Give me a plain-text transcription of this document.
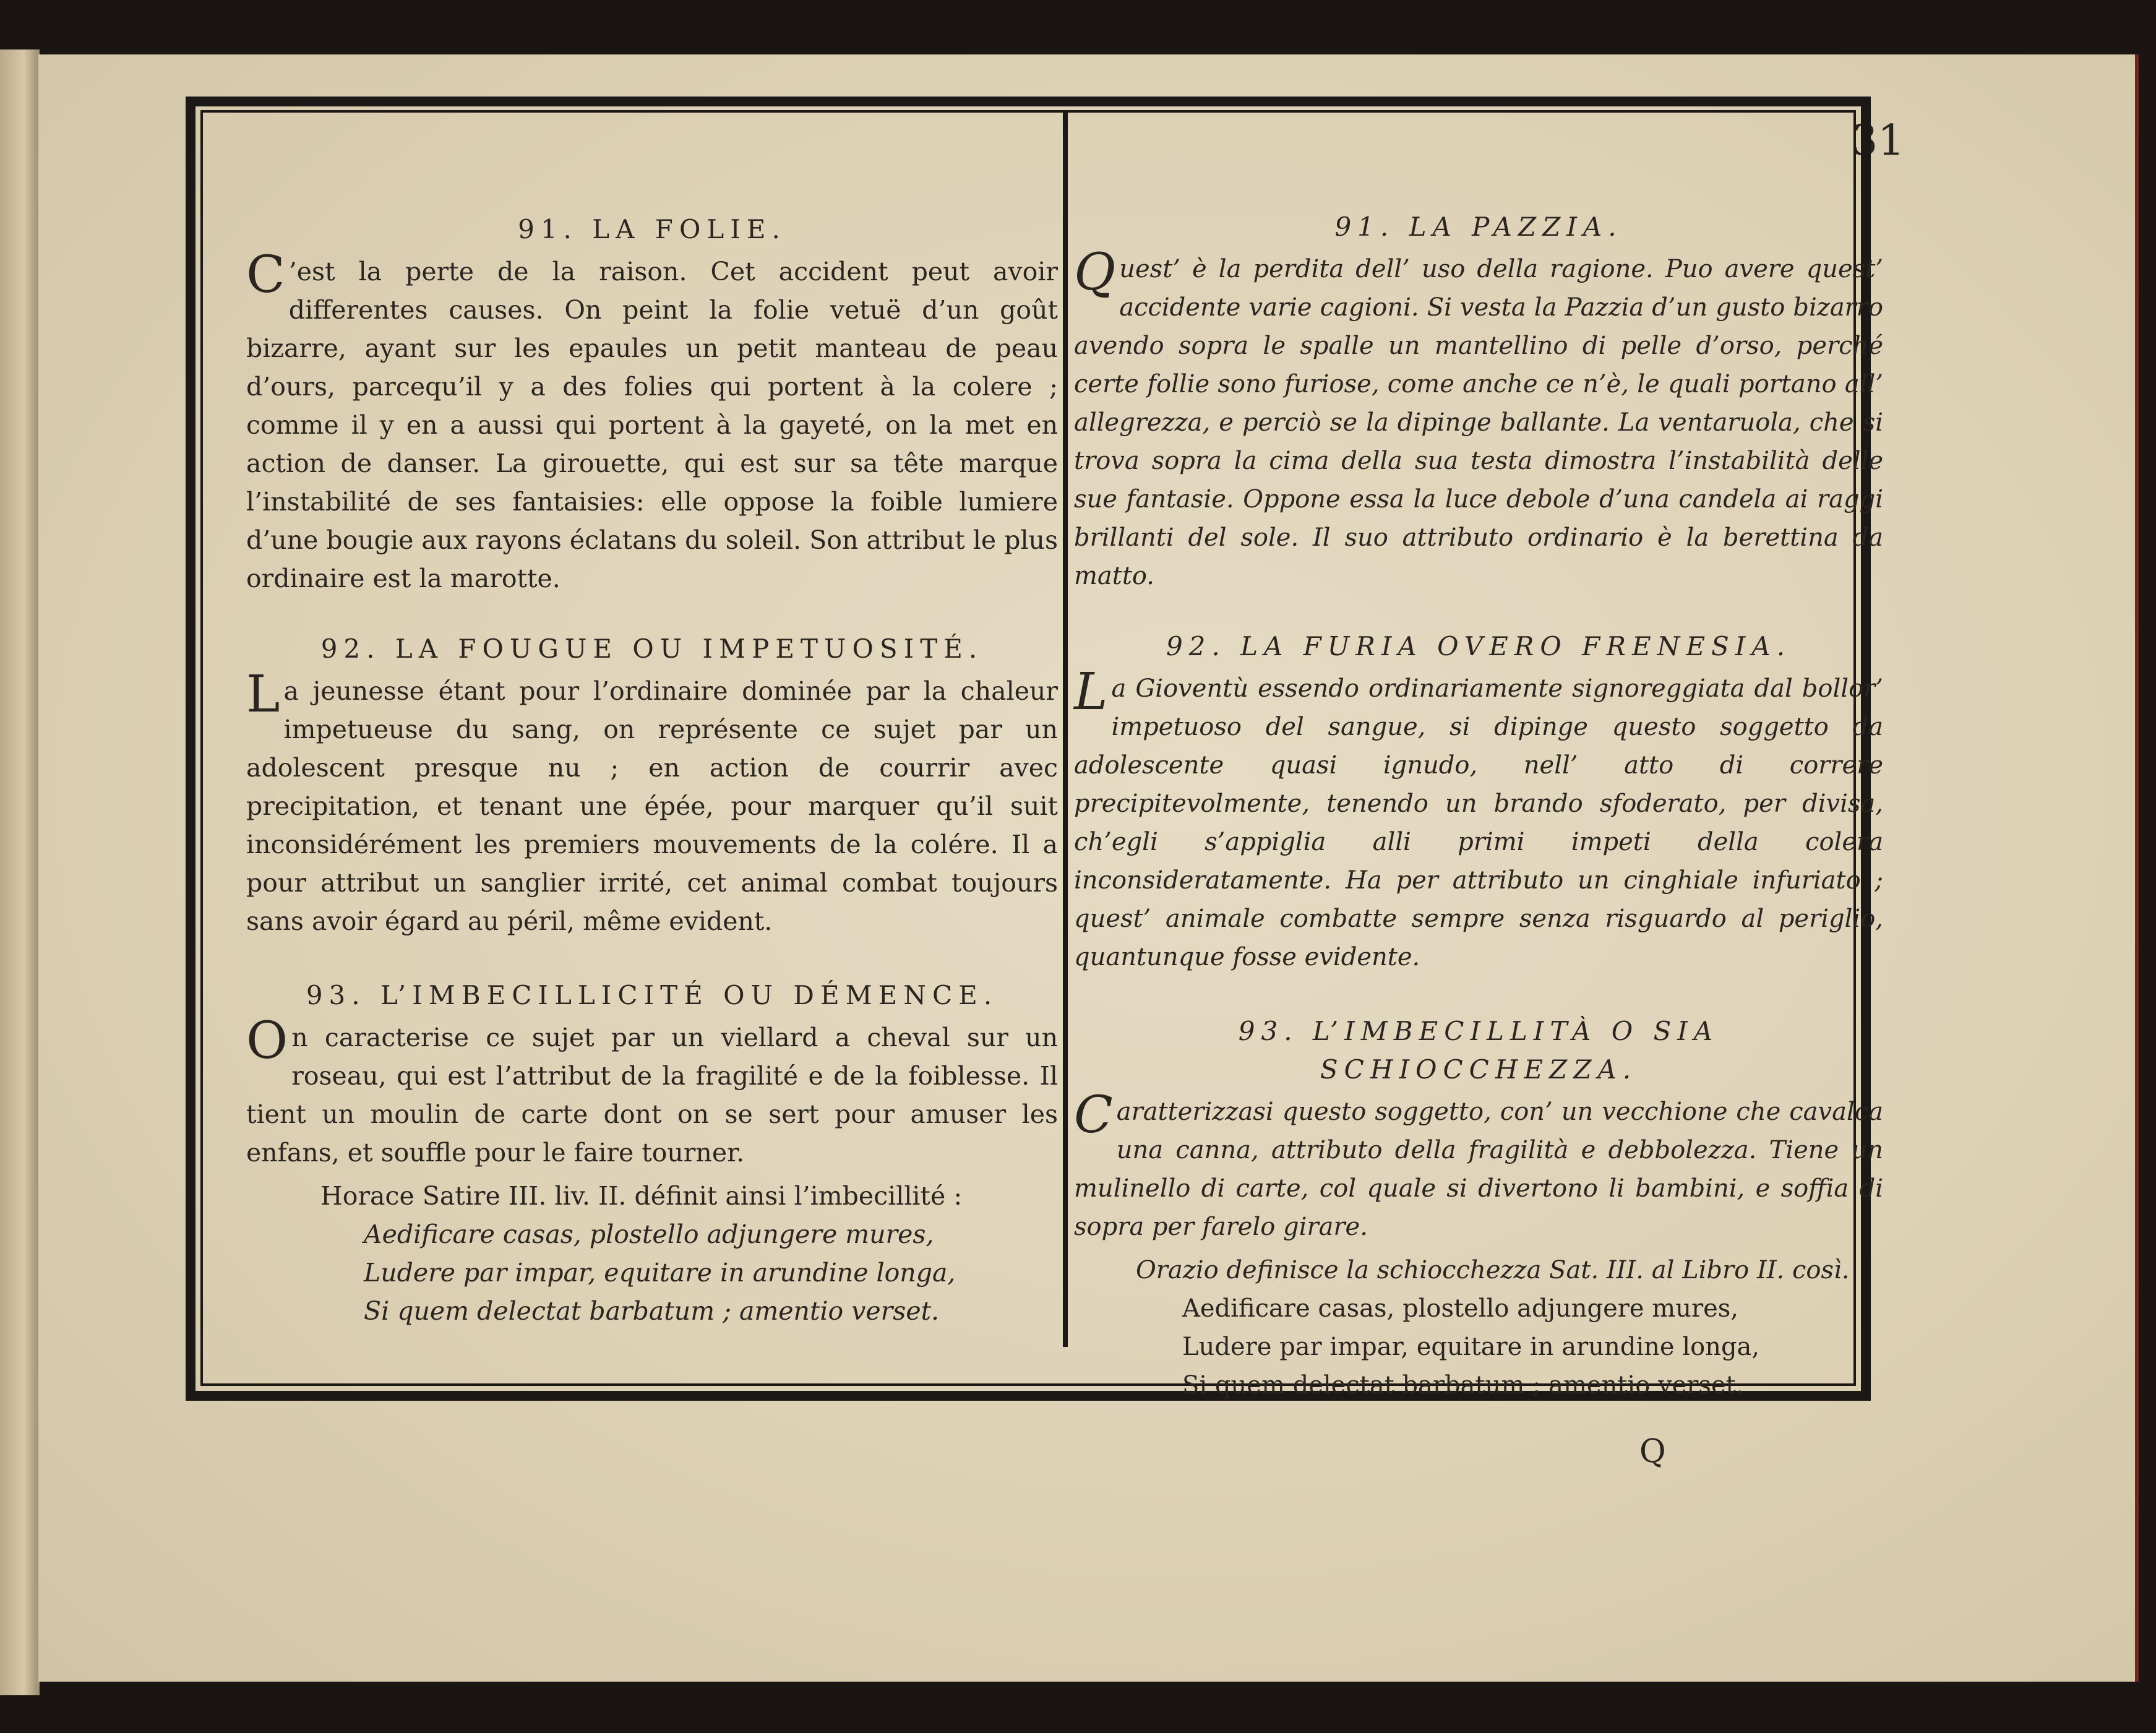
31
Q

91. LA FOLIE.

C ’est la perte de la raison. Cet accident peut avoir differentes causes. On peint la folie vetuë d’un goût bizarre, ayant sur les epaules un petit manteau de peau d’ours, parcequ’il y a des folies qui portent à la colere ; comme il y en a aussi qui portent à la gayeté, on la met en action de danser. La girouette, qui est sur sa tête marque l’instabilité de ses fantaisies: elle oppose la foible lumiere d’une bougie aux rayons éclatans du soleil. Son attribut le plus ordinaire est la marotte.

92. LA FOUGUE OU IMPETUOSITÉ.

La jeunesse étant pour l’ordinaire dominée par la chaleur impetueuse du sang, on représente ce sujet par un adolescent presque nu ; en action de courrir avec precipitation, et tenant une épée, pour marquer qu’il suit inconsidérément les premiers mouvements de la colére. Il a pour attribut un sanglier irrité, cet animal combat toujours sans avoir égard au péril, même evident.

93. L’IMBECILLICITÉ OU DÉMENCE.

On caracterise ce sujet par un viellard a cheval sur un roseau, qui est l’attribut de la fragilité e de la foiblesse. Il tient un moulin de carte dont on se sert pour amuser les enfans, et souffle pour le faire tourner.

Horace Satire III. liv. II. définit ainsi l’imbecillité :
Aedificare casas, plostello adjungere mures,
Ludere par impar, equitare in arundine longa,
Si quem delectat barbatum ; amentio verset.

91. LA PAZZIA.

Quest’ è la perdita dell’ uso della ragione. Puo avere quest’ accidente varie cagioni. Si vesta la Pazzia d’un gusto bizarro avendo sopra le spalle un mantellino di pelle d’orso, perché certe follie sono furiose, come anche ce n’è, le quali portano all’ allegrezza, e perciò se la dipinge ballante. La ventaruola, che si trova sopra la cima della sua testa dimostra l’instabilità delle sue fantasie. Oppone essa la luce debole d’una candela ai raggi brillanti del sole. Il suo attributo ordinario è la berettina da matto.

92. LA FURIA OVERO FRENESIA.

La Gioventù essendo ordinariamente signoreggiata dal bollor’ impetuoso del sangue, si dipinge questo soggetto da adolescente quasi ignudo, nell’ atto di correre precipitevolmente, tenendo un brando sfoderato, per divisa, ch’egli s’appiglia alli primi impeti della colera inconsideratamente. Ha per attributo un cinghiale infuriato ; quest’ animale combatte sempre senza risguardo al periglio, quantunque fosse evidente.

93. L’IMBECILLITÀ O SIA SCHIOCCHEZZA.

Caratterizzasi questo soggetto, con’ un vecchione che cavalca una canna, attributo della fragilità e debbolezza. Tiene un mulinello di carte, col quale si divertono li bambini, e soffia di sopra per farelo girare.

Orazio definisce la schiocchezza Sat. III. al Libro II. così.
Aedificare casas, plostello adjungere mures,
Ludere par impar, equitare in arundine longa,
Si quem delectat barbatum ; amentio verset.
